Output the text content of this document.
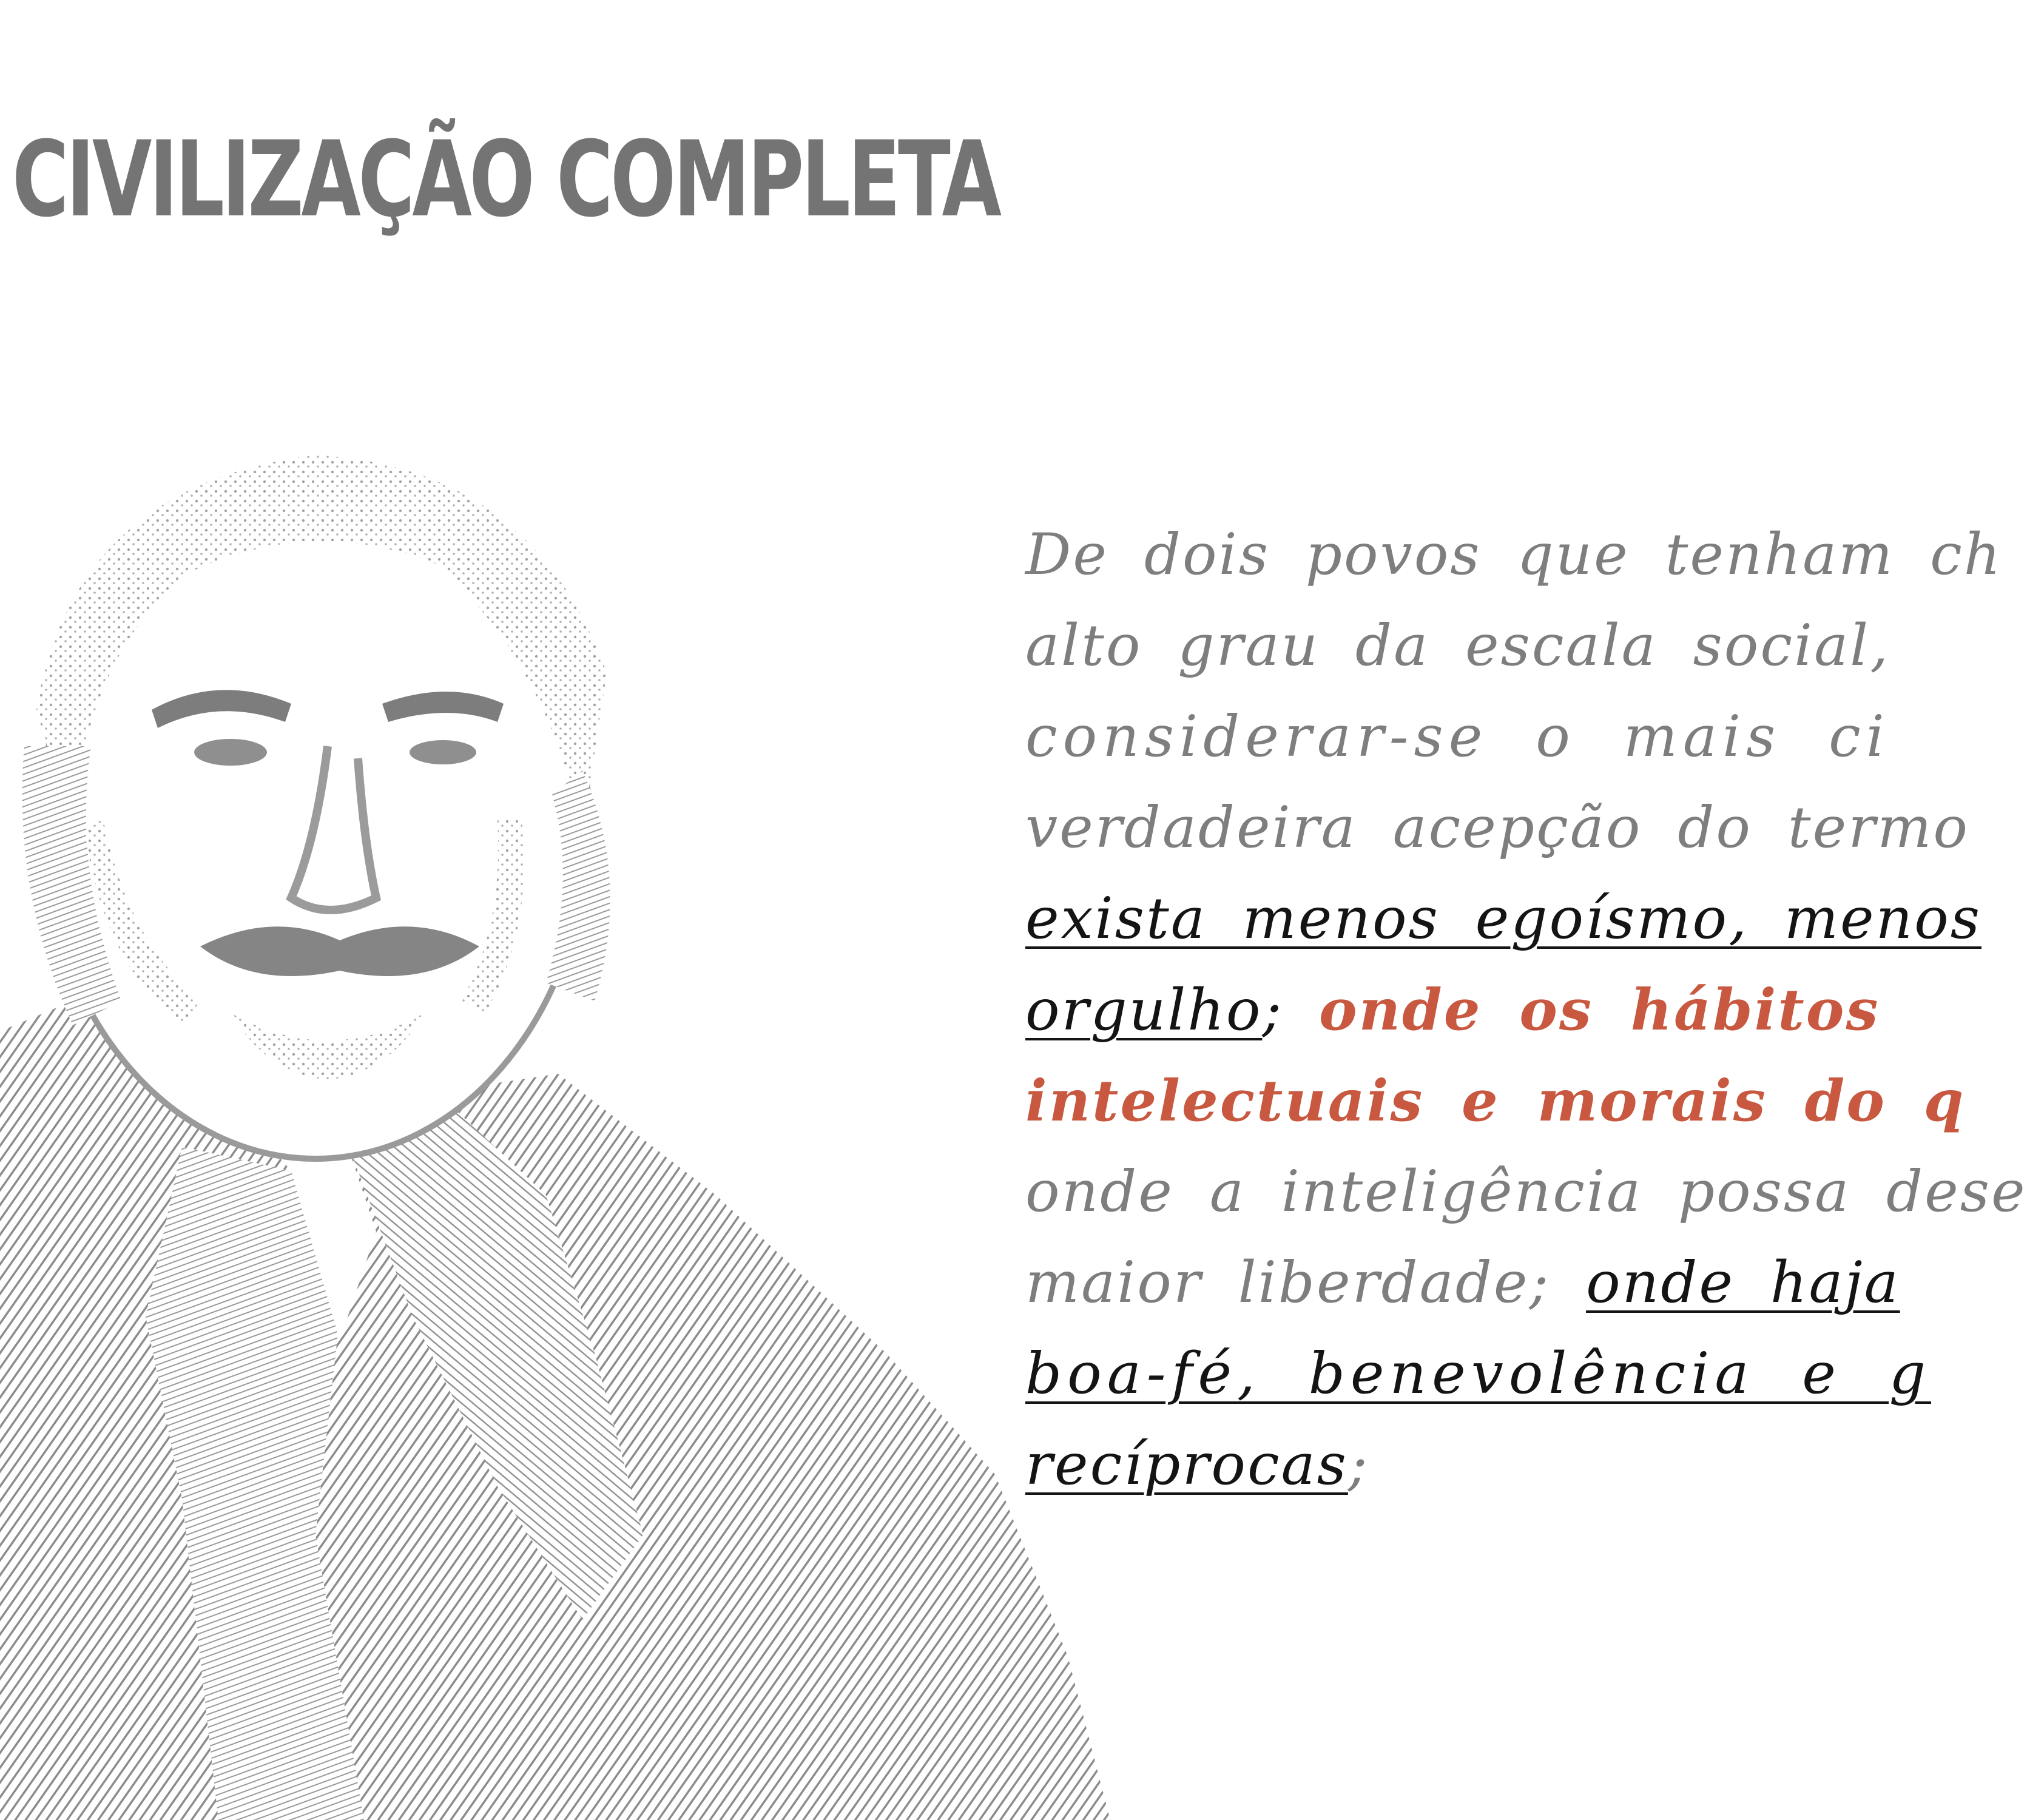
CIVILIZAÇÃO COMPLETA
De dois povos que tenham ch
alto grau da escala social,
considerar-se o mais ci
verdadeira acepção do termo
exista menos egoísmo, menos
orgulho; onde os hábitos
intelectuais e morais do q
onde a inteligência possa dese
maior liberdade; onde haja
boa-fé, benevolência e g
recíprocas;
